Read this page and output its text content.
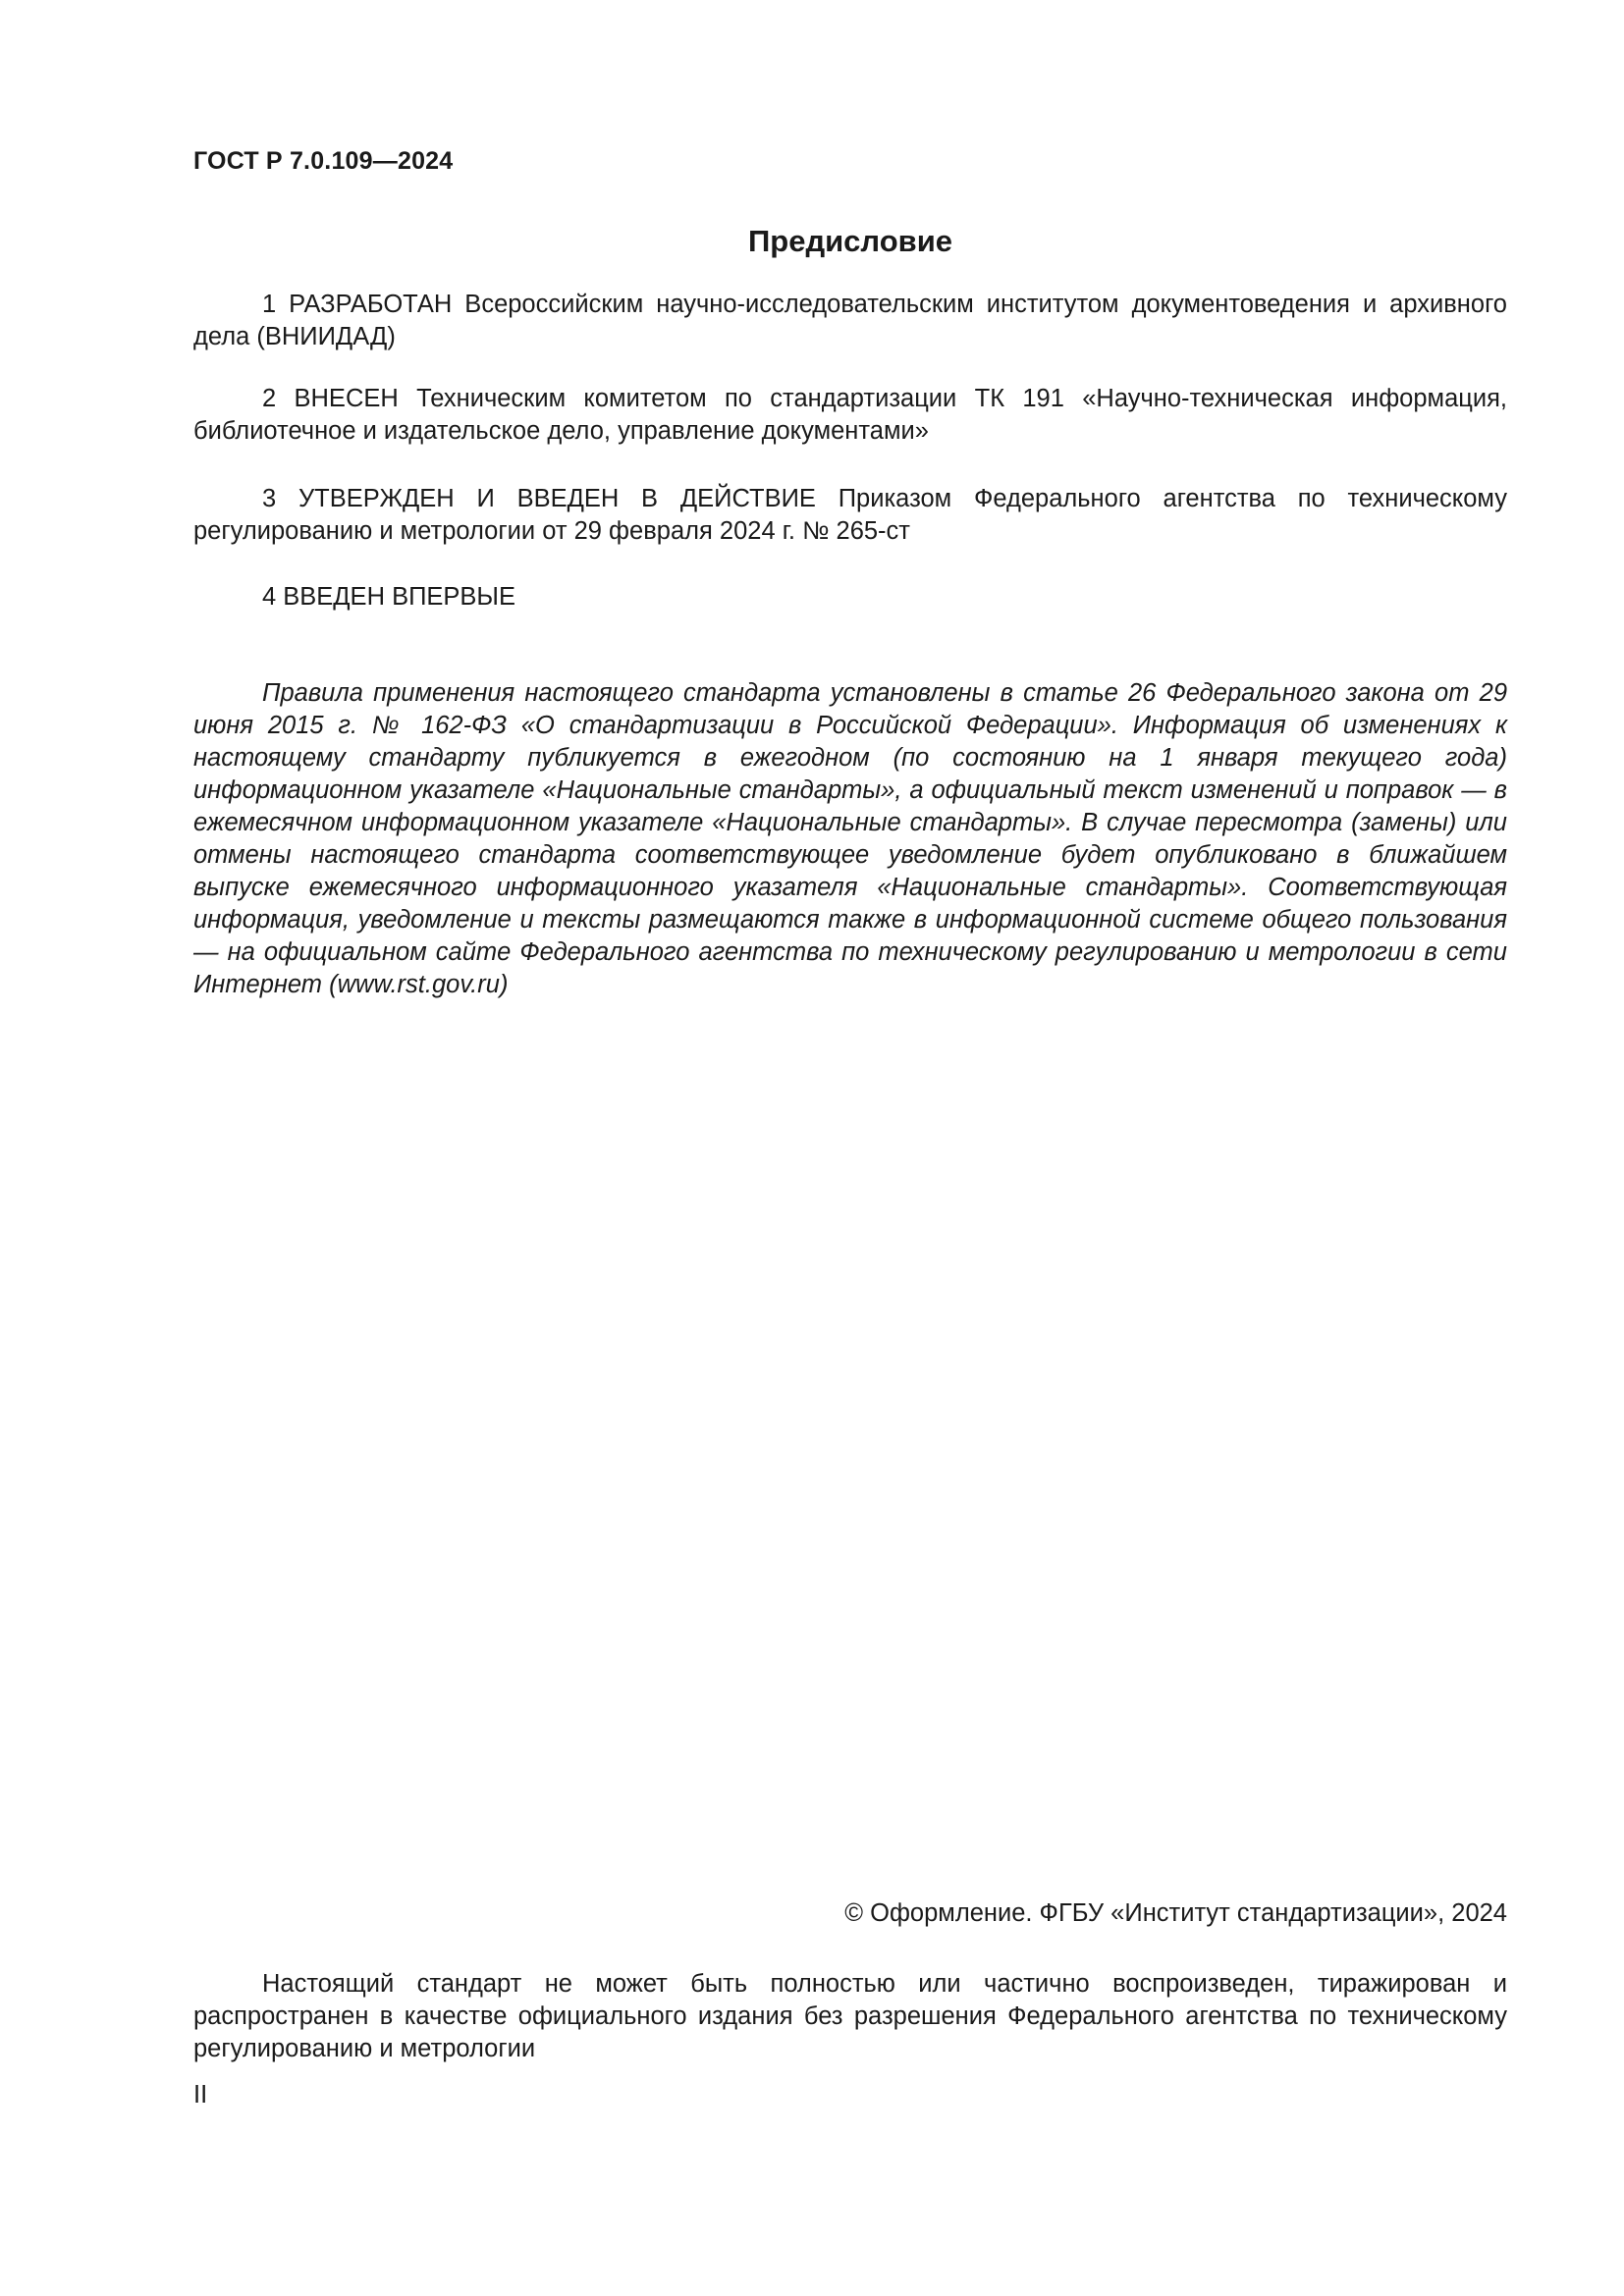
ГОСТ Р 7.0.109—2024
Предисловие

1 РАЗРАБОТАН Всероссийским научно-исследовательским институтом документоведения и архивного дела (ВНИИДАД)

2 ВНЕСЕН Техническим комитетом по стандартизации ТК 191 «Научно-техническая информация, библиотечное и издательское дело, управление документами»

3 УТВЕРЖДЕН И ВВЕДЕН В ДЕЙСТВИЕ Приказом Федерального агентства по техническому регулированию и метрологии от 29 февраля 2024 г. № 265-ст

4 ВВЕДЕН ВПЕРВЫЕ

Правила применения настоящего стандарта установлены в статье 26 Федерального закона от 29 июня 2015 г. № 162-ФЗ «О стандартизации в Российской Федерации». Информация об изменениях к настоящему стандарту публикуется в ежегодном (по состоянию на 1 января текущего года) информационном указателе «Национальные стандарты», а официальный текст изменений и поправок — в ежемесячном информационном указателе «Национальные стандарты». В случае пересмотра (замены) или отмены настоящего стандарта соответствующее уведомление будет опубликовано в ближайшем выпуске ежемесячного информационного указателя «Национальные стандарты». Соответствующая информация, уведомление и тексты размещаются также в информационной системе общего пользования — на официальном сайте Федерального агентства по техническому регулированию и метрологии в сети Интернет (www.rst.gov.ru)

© Оформление. ФГБУ «Институт стандартизации», 2024

Настоящий стандарт не может быть полностью или частично воспроизведен, тиражирован и распространен в качестве официального издания без разрешения Федерального агентства по техническому регулированию и метрологии

II
